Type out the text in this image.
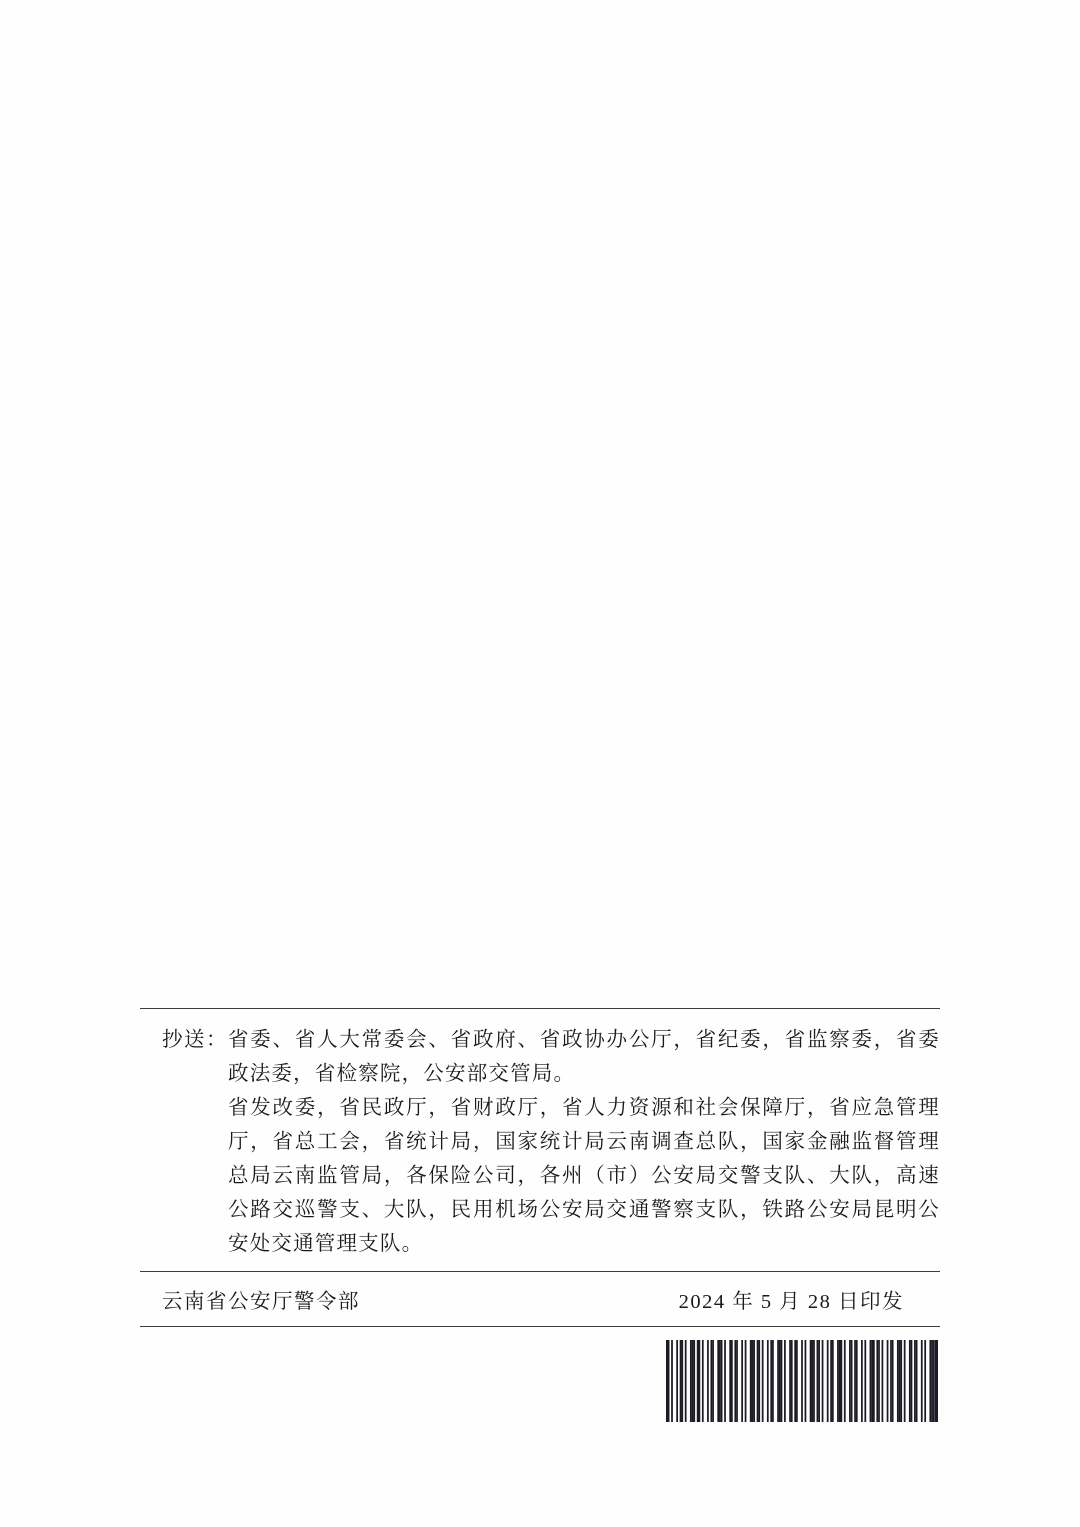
抄送： 省委、省人大常委会、省政府、省政协办公厅，省纪委，省监察委，省委政法委，省检察院，公安部交管局。

省发改委，省民政厅，省财政厅，省人力资源和社会保障厅，省应急管理厅，省总工会，省统计局，国家统计局云南调查总队，国家金融监督管理总局云南监管局，各保险公司，各州（市）公安局交警支队、大队，高速公路交巡警支、大队，民用机场公安局交通警察支队，铁路公安局昆明公安处交通管理支队。

云南省公安厅警令部	2024 年 5 月 28 日印发
